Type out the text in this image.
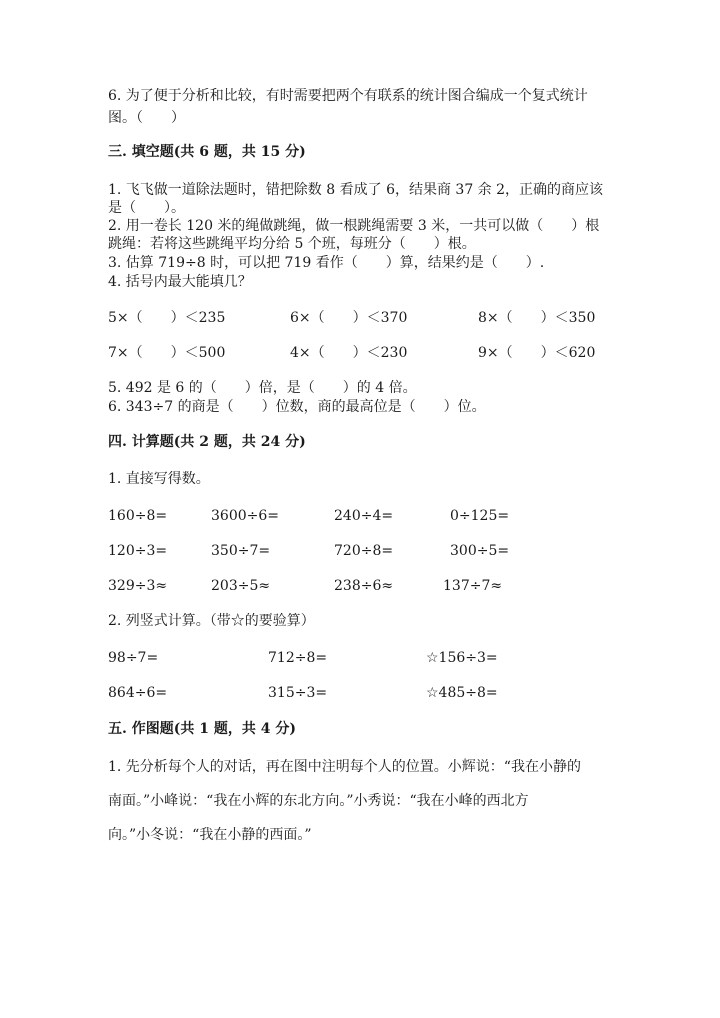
6. 为了便于分析和比较，有时需要把两个有联系的统计图合编成一个复式统计
图。（　　）
三. 填空题(共 6 题，共 15 分)
1. 飞飞做一道除法题时，错把除数 8 看成了 6，结果商 37 余 2，正确的商应该
是（　　）。
2. 用一卷长 120 米的绳做跳绳，做一根跳绳需要 3 米，一共可以做（　　）根
跳绳：若将这些跳绳平均分给 5 个班，每班分（　　）根。
3. 估算 719÷8 时，可以把 719 看作（　　）算，结果约是（　　）.
4. 括号内最大能填几？
5×（　　）＜235	6×（　　）＜370	8×（　　）＜350
7×（　　）＜500	4×（　　）＜230	9×（　　）＜620
5. 492 是 6 的（　　）倍，是（　　）的 4 倍。
6. 343÷7 的商是（　　）位数，商的最高位是（　　）位。
四. 计算题(共 2 题，共 24 分)
1. 直接写得数。
160÷8=	3600÷6=	240÷4=	0÷125=
120÷3=	350÷7=	720÷8=	300÷5=
329÷3≈	203÷5≈	238÷6≈	137÷7≈
2. 列竖式计算。（带☆的要验算）
98÷7=	712÷8=	☆156÷3=
864÷6=	315÷3=	☆485÷8=
五. 作图题(共 1 题，共 4 分)
1. 先分析每个人的对话，再在图中注明每个人的位置。小辉说：“我在小静的
南面。”小峰说：“我在小辉的东北方向。”小秀说：“我在小峰的西北方
向。”小冬说：“我在小静的西面。”
